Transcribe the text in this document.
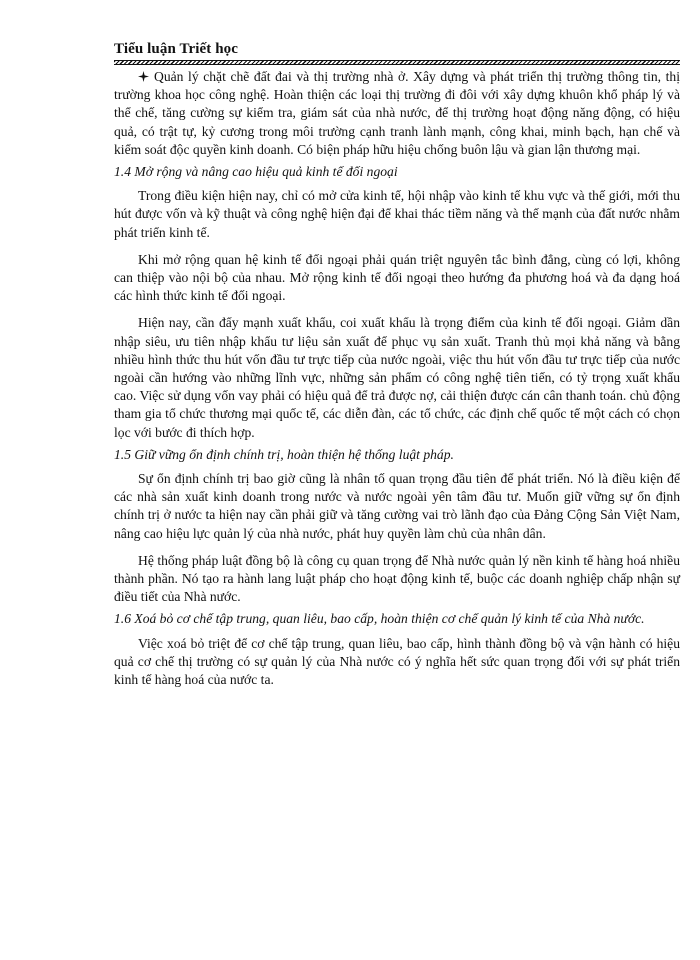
Tiểu luận Triết học

Quản lý chặt chẽ đất đai và thị trường nhà ở. Xây dựng và phát triển thị trường thông tin, thị trường khoa học công nghệ. Hoàn thiện các loại thị trường đi đôi với xây dựng khuôn khổ pháp lý và thể chế, tăng cường sự kiểm tra, giám sát của nhà nước, để thị trường hoạt động năng động, có hiệu quả, có trật tự, kỷ cương trong môi trường cạnh tranh lành mạnh, công khai, minh bạch, hạn chế và kiểm soát độc quyền kinh doanh. Có biện pháp hữu hiệu chống buôn lậu và gian lận thương mại.

1.4 Mở rộng và nâng cao hiệu quả kinh tế đối ngoại

Trong điều kiện hiện nay, chỉ có mở cửa kinh tế, hội nhập vào kinh tế khu vực và thế giới, mới thu hút được vốn và kỹ thuật và công nghệ hiện đại để khai thác tiềm năng và thế mạnh của đất nước nhằm phát triển kinh tế.

Khi mở rộng quan hệ kinh tế đối ngoại phải quán triệt nguyên tắc bình đẳng, cùng có lợi, không can thiệp vào nội bộ của nhau. Mở rộng kinh tế đối ngoại theo hướng đa phương hoá và đa dạng hoá các hình thức kinh tế đối ngoại.

Hiện nay, cần đẩy mạnh xuất khẩu, coi xuất khẩu là trọng điểm của kinh tế đối ngoại. Giảm dần nhập siêu, ưu tiên nhập khẩu tư liệu sản xuất để phục vụ sản xuất. Tranh thủ mọi khả năng và bằng nhiều hình thức thu hút vốn đầu tư trực tiếp của nước ngoài, việc thu hút vốn đầu tư trực tiếp của nước ngoài cần hướng vào những lĩnh vực, những sản phẩm có công nghệ tiên tiến, có tỷ trọng xuất khẩu cao. Việc sử dụng vốn vay phải có hiệu quả để trả được nợ, cải thiện được cán cân thanh toán. chủ động tham gia tổ chức thương mại quốc tế, các diễn đàn, các tổ chức, các định chế quốc tế một cách có chọn lọc với bước đi thích hợp.

1.5 Giữ vững ổn định chính trị, hoàn thiện hệ thống luật pháp.

Sự ổn định chính trị bao giờ cũng là nhân tố quan trọng đầu tiên để phát triển. Nó là điều kiện để các nhà sản xuất kinh doanh trong nước và nước ngoài yên tâm đầu tư. Muốn giữ vững sự ổn định chính trị ở nước ta hiện nay cần phải giữ và tăng cường vai trò lãnh đạo của Đảng Cộng Sản Việt Nam, nâng cao hiệu lực quản lý của nhà nước, phát huy quyền làm chủ của nhân dân.

Hệ thống pháp luật đồng bộ là công cụ quan trọng để Nhà nước quản lý nền kinh tế hàng hoá nhiều thành phần. Nó tạo ra hành lang luật pháp cho hoạt động kinh tế, buộc các doanh nghiệp chấp nhận sự điều tiết của Nhà nước.

1.6 Xoá bỏ cơ chế tập trung, quan liêu, bao cấp, hoàn thiện cơ chế quản lý kinh tế của Nhà nước.

Việc xoá bỏ triệt để cơ chế tập trung, quan liêu, bao cấp, hình thành đồng bộ và vận hành có hiệu quả cơ chế thị trường có sự quản lý của Nhà nước có ý nghĩa hết sức quan trọng đối với sự phát triển kinh tế hàng hoá của nước ta.
